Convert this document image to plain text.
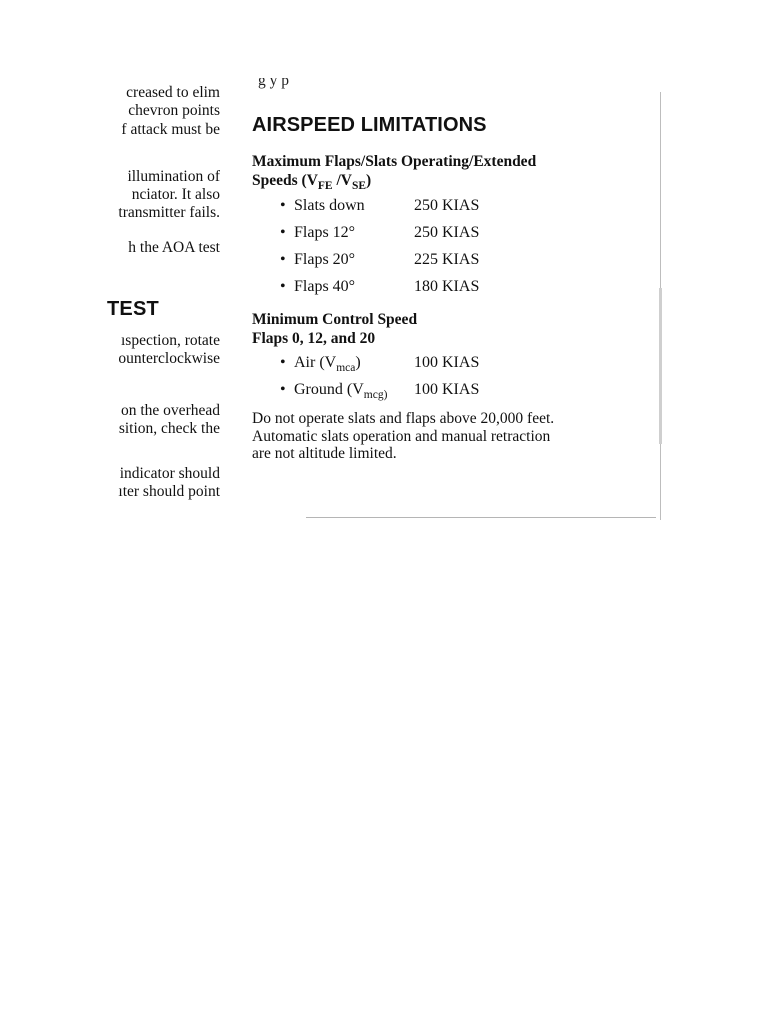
creased to elim
chevron points
f attack must be
illumination of
nciator. It also
transmitter fails.
h the AOA test
TEST
ıspection, rotate
ounterclockwise
on the overhead
sition, check the
indicator should
ıter should point
g y p
AIRSPEED LIMITATIONS

Maximum Flaps/Slats Operating/Extended
Speeds ($V_{FE}$ $/V_{SE}$)

• Slats down	250 KIAS
• Flaps 12°	250 KIAS
• Flaps 20°	225 KIAS
• Flaps 40°	180 KIAS

Minimum Control Speed
Flaps 0, 12, and 20

• Air $(V_{mca})$	100 KIAS
• Ground ($V_{mcg)}$ 100 KIAS

Do not operate slats and flaps above 20,000 feet.
Automatic slats operation and manual retraction
are not altitude limited.
